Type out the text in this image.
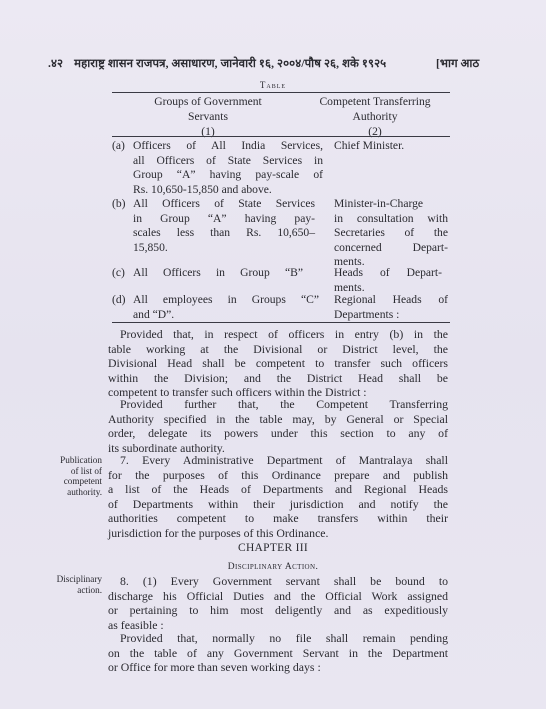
.४२ महाराष्ट्र शासन राजपत्र, असाधारण, जानेवारी १६, २००४/पौष २६, शके १९२५	[भाग आठ
Table
Groups of Government
Servants
(1)
Competent Transferring
Authority
(2)
(a) Officers of All India Services,
all Officers of State Services in
Group “A” having pay-scale of
Rs. 10,650-15,850 and above.
Chief Minister.
(b) All Officers of State Services
in Group “A” having pay-
scales less than Rs. 10,650–
15,850.
Minister-in-Charge
in consultation with
Secretaries of the
concerned Depart-
ments.
(c) All Officers in Group “B”	Heads of Depart-
ments.
(d) All employees in Groups “C”
and “D”.
Regional Heads of
Departments :
Provided that, in respect of officers in entry (b) in the
table working at the Divisional or District level, the
Divisional Head shall be competent to transfer such officers
within the Division; and the District Head shall be
competent to transfer such officers within the District :
Provided further that, the Competent Transferring
Authority specified in the table may, by General or Special
order, delegate its powers under this section to any of
its subordinate authority.
Publication
of list of
competent
authority.
7. Every Administrative Department of Mantralaya shall
for the purposes of this Ordinance prepare and publish
a list of the Heads of Departments and Regional Heads
of Departments within their jurisdiction and notify the
authorities competent to make transfers within their
jurisdiction for the purposes of this Ordinance.
CHAPTER III
Disciplinary Action.
Disciplinary
action.
8. (1) Every Government servant shall be bound to
discharge his Official Duties and the Official Work assigned
or pertaining to him most deligently and as expeditiously
as feasible :
Provided that, normally no file shall remain pending
on the table of any Government Servant in the Department
or Office for more than seven working days :
